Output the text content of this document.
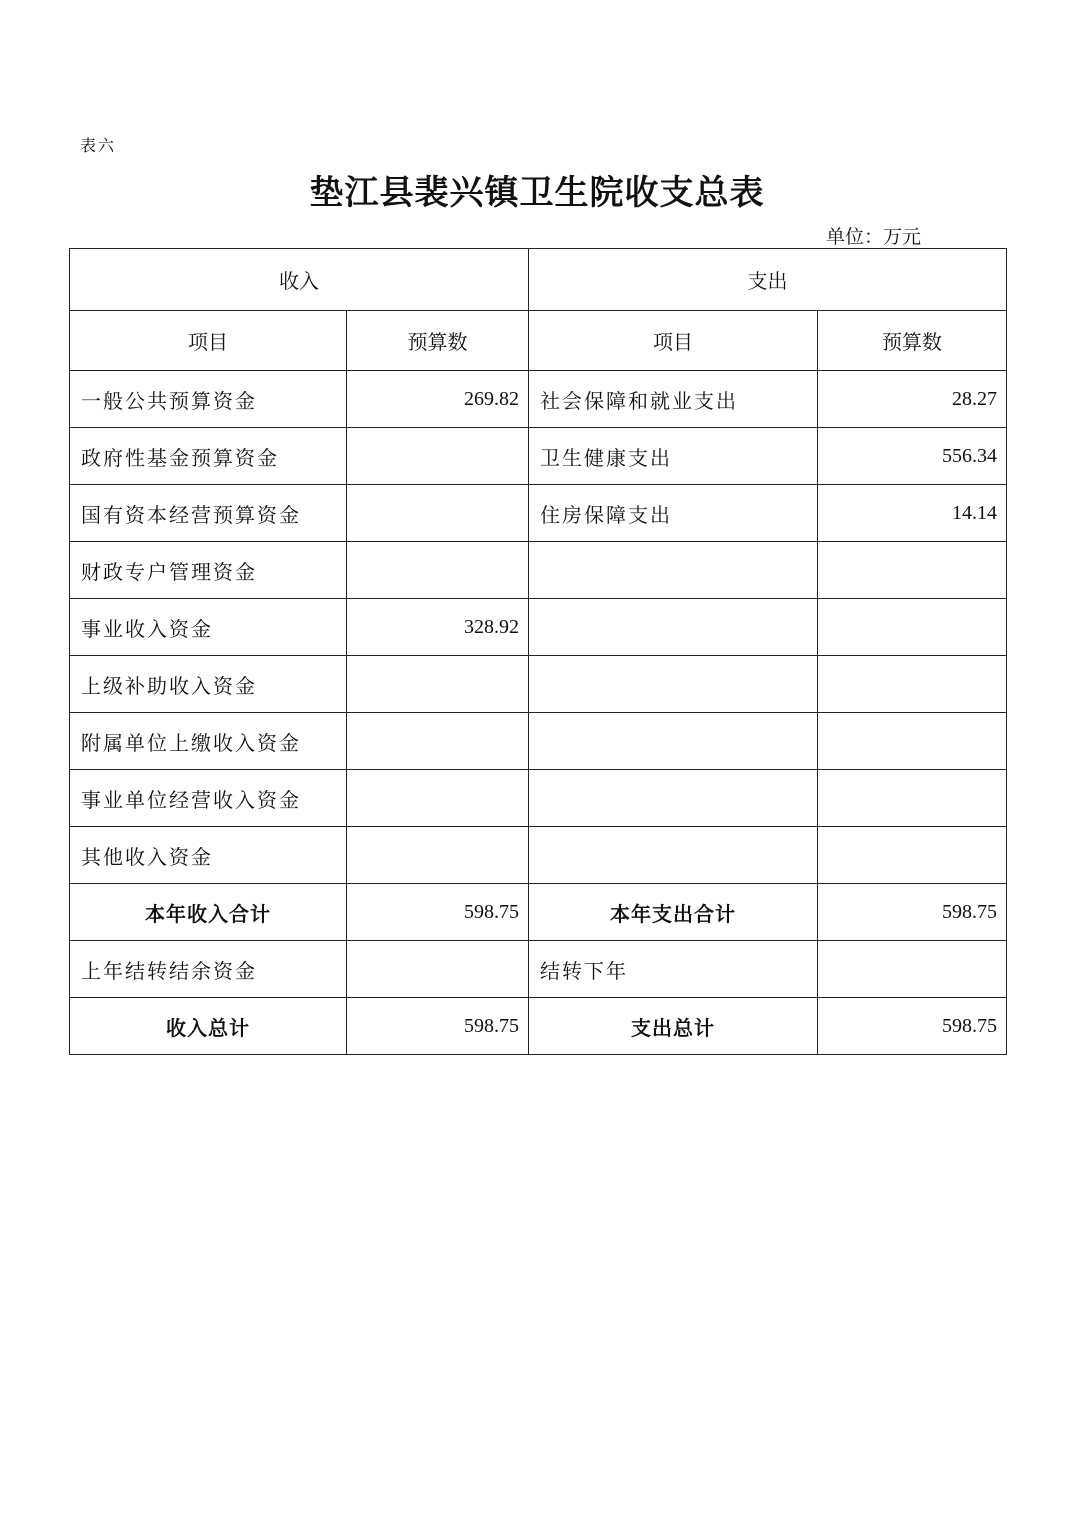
表六
垫江县裴兴镇卫生院收支总表
单位：万元
收入		支出	
项目	预算数	项目	预算数
一般公共预算资金	269.82	社会保障和就业支出	28.27
政府性基金预算资金		卫生健康支出	556.34
国有资本经营预算资金		住房保障支出	14.14
财政专户管理资金			
事业收入资金	328.92		
上级补助收入资金			
附属单位上缴收入资金			
事业单位经营收入资金			
其他收入资金			
本年收入合计	598.75	本年支出合计	598.75
上年结转结余资金		结转下年	
收入总计	598.75	支出总计	598.75
